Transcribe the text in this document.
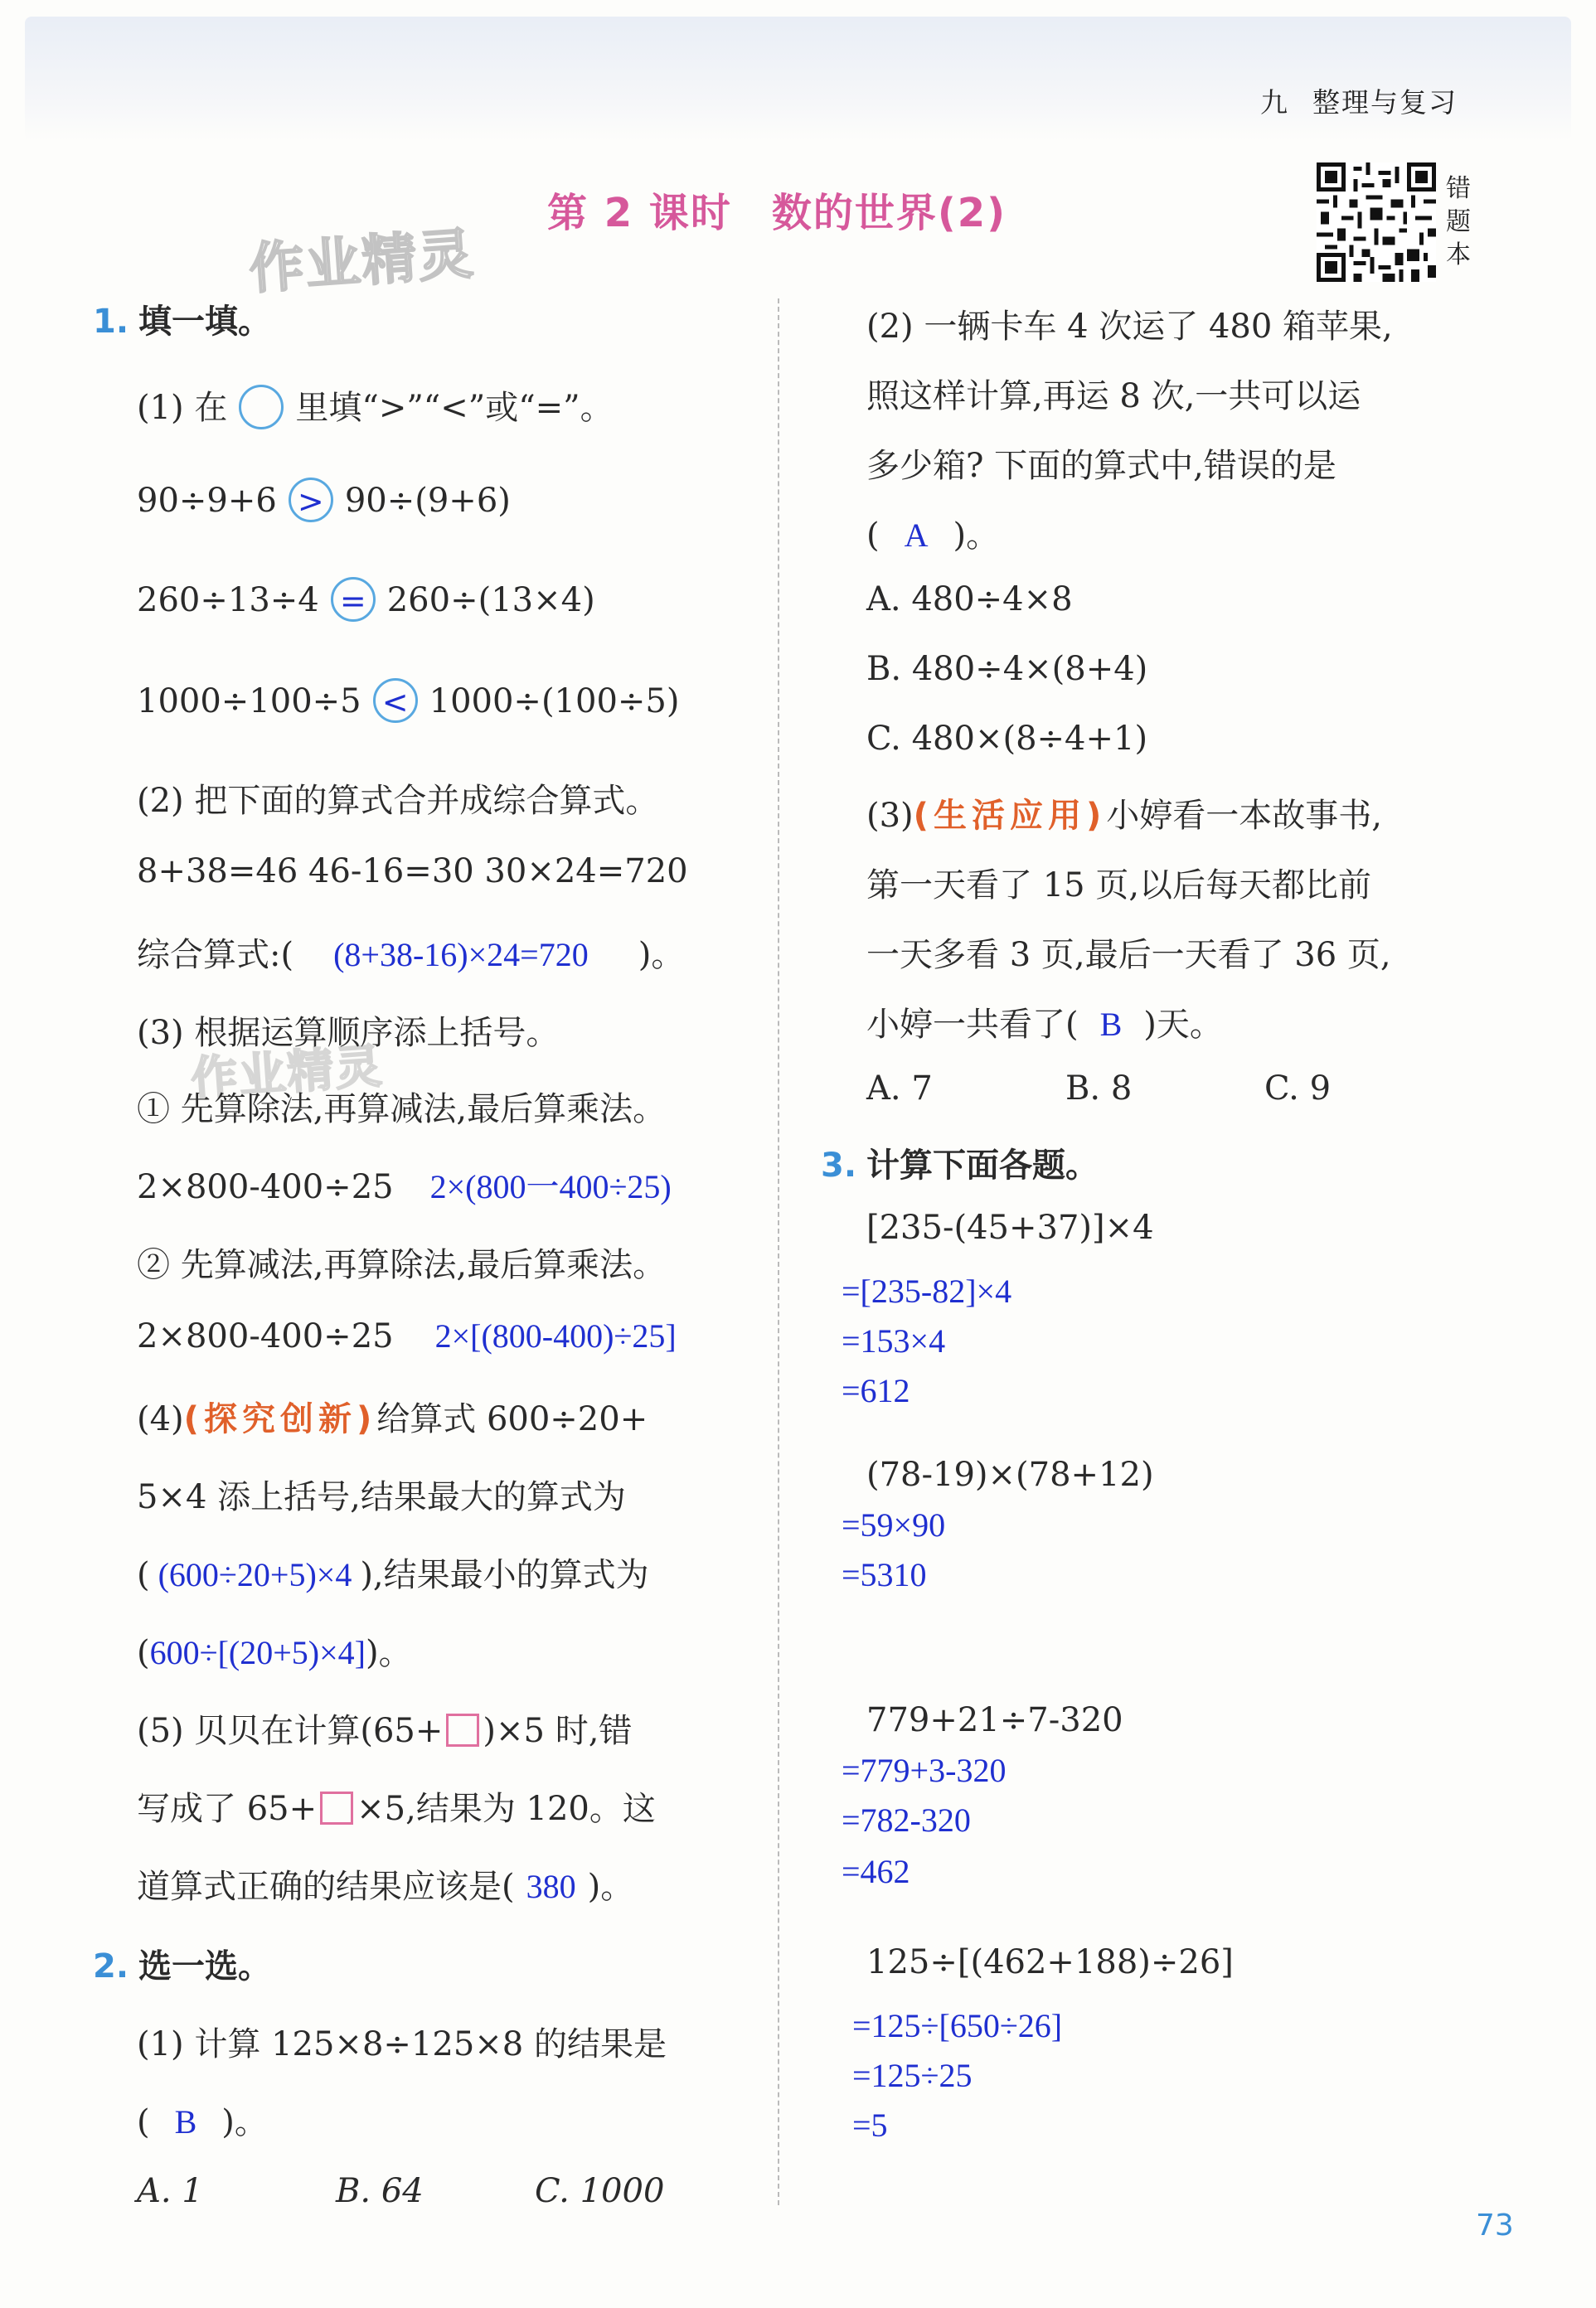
九 整理与复习
第 2 课时 数的世界(2)
作业精灵
作业精灵
错
题
本
1. 填一填。
(1) 在 里填“>”“<”或“=”。
90÷9+6 > 90÷(9+6)
260÷13÷4 = 260÷(13×4)
1000÷100÷5 < 1000÷(100÷5)
(2) 把下面的算式合并成综合算式。
8+38=46 46-16=30 30×24=720
综合算式:( (8+38-16)×24=720 )。
(3) 根据运算顺序添上括号。
① 先算除法,再算减法,最后算乘法。
2×800-400÷25 2×(800一400÷25)
② 先算减法,再算除法,最后算乘法。
2×800-400÷25 2×[(800-400)÷25]
(4)(探究创新)给算式 600÷20+
5×4 添上括号,结果最大的算式为
( (600÷20+5)×4 ),结果最小的算式为
(600÷[(20+5)×4])。
(5) 贝贝在计算(65+ )×5 时,错
写成了 65+ ×5,结果为 120。这
道算式正确的结果应该是( 380 )。
2. 选一选。
(1) 计算 125×8÷125×8 的结果是
( B )。
A. 1	B. 64	C. 1000
(2) 一辆卡车 4 次运了 480 箱苹果,
照这样计算,再运 8 次,一共可以运
多少箱? 下面的算式中,错误的是
( A )。
A. 480÷4×8
B. 480÷4×(8+4)
C. 480×(8÷4+1)
(3)(生活应用)小婷看一本故事书,
第一天看了 15 页,以后每天都比前
一天多看 3 页,最后一天看了 36 页,
小婷一共看了( B )天。
A. 7	B. 8	C. 9
3. 计算下面各题。
[235-(45+37)]×4
=[235-82]×4
=153×4
=612
(78-19)×(78+12)
=59×90
=5310
779+21÷7-320
=779+3-320
=782-320
=462
125÷[(462+188)÷26]
=125÷[650÷26]
=125÷25
=5
73
